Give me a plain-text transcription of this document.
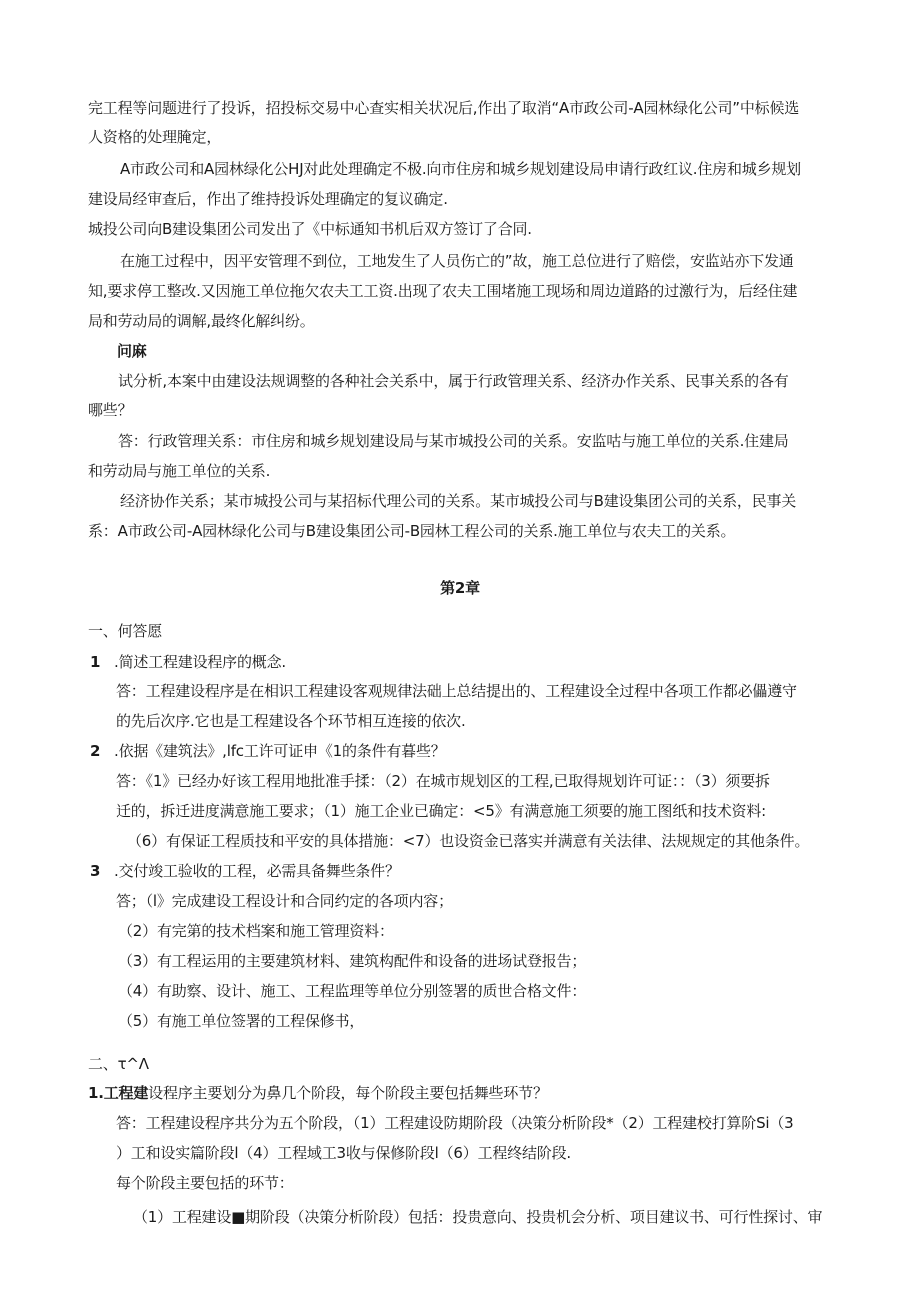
完工程等问题进行了投诉，招投标交易中心查实相关状况后,作出了取消“A市政公司-A园林绿化公司”中标候选
人资格的处理腌定，
A市政公司和A园林绿化公HJ对此处理确定不极.向市住房和城乡规划建设局申请行政红议.住房和城乡规划
建设局经审查后，作出了维持投诉处理确定的复议确定.
城投公司向B建设集团公司发出了《中标通知书机后双方签订了合同.
在施工过程中，因平安管理不到位，工地发生了人员伤亡的”故，施工总位进行了赔偿，安监站亦下发通
知,要求停工整改.又因施工单位拖欠农夫工工资.出现了农夫工围堵施工现场和周边道路的过激行为，后经住建
局和劳动局的调解,最终化解纠纷。
问麻
试分析,本案中由建设法规调整的各种社会关系中，属于行政管理关系、经济办作关系、民事关系的各有
哪些？
答：行政管理关系：市住房和城乡规划建设局与某市城投公司的关系。安监咕与施工单位的关系.住建局
和劳动局与施工单位的关系.
经济协作关系；某市城投公司与某招标代理公司的关系。某市城投公司与B建设集团公司的关系，民事关
系：A市政公司-A园林绿化公司与B建设集团公司-B园林工程公司的关系.施工单位与农夫工的关系。
第2章
一、何答愿
1 .简述工程建设程序的概念.
答：工程建设程序是在相识工程建设客观规律法础上总结提出的、工程建设全过程中各项工作都必儡遵守
的先后次序.它也是工程建设各个环节相互连接的依次.
2 .依据《建筑法》,lfc工许可证申《1的条件有暮些？
答：《1》已经办好该工程用地批准手揉：（2）在城市规划区的工程,已取得规划许可证：：（3）须要拆
迁的，拆迁进度满意施工要求；（1）施工企业已确定：<5》有满意施工须要的施工图纸和技术资料:
（6）有保证工程质技和平安的具体措施：<7）也设资金已落实并满意有关法律、法规规定的其他条件。
3 .交付竣工验收的工程，必需具备舞些条件？
答；（l》完成建设工程设计和合同约定的各项内容；
（2）有完第的技术档案和施工管理资料：
（3）有工程运用的主要建筑材料、建筑构配件和设备的进场试登报告；
（4）有助察、设计、施工、工程监理等单位分别签署的质世合格文件：
（5）有施工单位签署的工程保修书，
二、τ^Λ
1.工程建设程序主要划分为鼻几个阶段，每个阶段主要包括舞些环节？
答：工程建设程序共分为五个阶段，（1）工程建设防期阶段（决策分析阶段*（2）工程建校打算阶Si（3
）工和设实篇阶段l（4）工程域工3收与保修阶段l（6）工程终结阶段.
每个阶段主要包括的环节：
（1）工程建设■期阶段（决策分析阶段）包括：投贵意向、投贵机会分析、项目建议书、可行性探讨、审
